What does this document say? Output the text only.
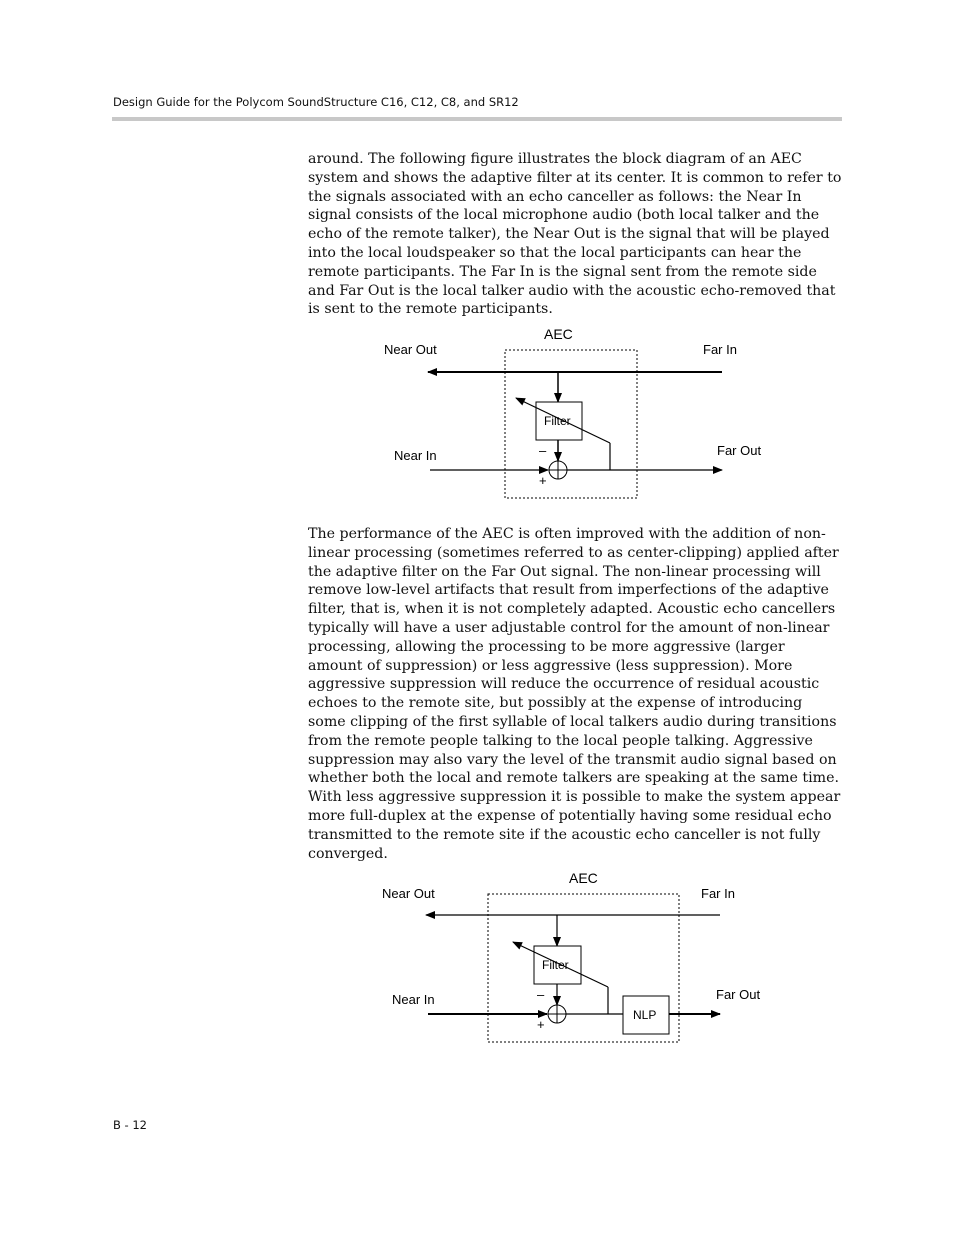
Design Guide for the Polycom SoundStructure C16, C12, C8, and SR12

around. The following figure illustrates the block diagram of an AEC system and shows the adaptive filter at its center. It is common to refer to the signals associated with an echo canceller as follows: the Near In signal consists of the local microphone audio (both local talker and the echo of the remote talker), the Near Out is the signal that will be played into the local loudspeaker so that the local participants can hear the remote participants. The Far In is the signal sent from the remote side and Far Out is the local talker audio with the acoustic echo-removed that is sent to the remote participants.

AEC
Near Out	Far In
Near In	Far Out
Filter
–
+

The performance of the AEC is often improved with the addition of non-linear processing (sometimes referred to as center-clipping) applied after the adaptive filter on the Far Out signal. The non-linear processing will remove low-level artifacts that result from imperfections of the adaptive filter, that is, when it is not completely adapted. Acoustic echo cancellers typically will have a user adjustable control for the amount of non-linear processing, allowing the processing to be more aggressive (larger amount of suppression) or less aggressive (less suppression). More aggressive suppression will reduce the occurrence of residual acoustic echoes to the remote site, but possibly at the expense of introducing some clipping of the first syllable of local talkers audio during transitions from the remote people talking to the local people talking. Aggressive suppression may also vary the level of the transmit audio signal based on whether both the local and remote talkers are speaking at the same time. With less aggressive suppression it is possible to make the system appear more full-duplex at the expense of potentially having some residual echo transmitted to the remote site if the acoustic echo canceller is not fully converged.

AEC
Near Out	Far In
Near In	Far Out
Filter
–
+
NLP
B - 12
